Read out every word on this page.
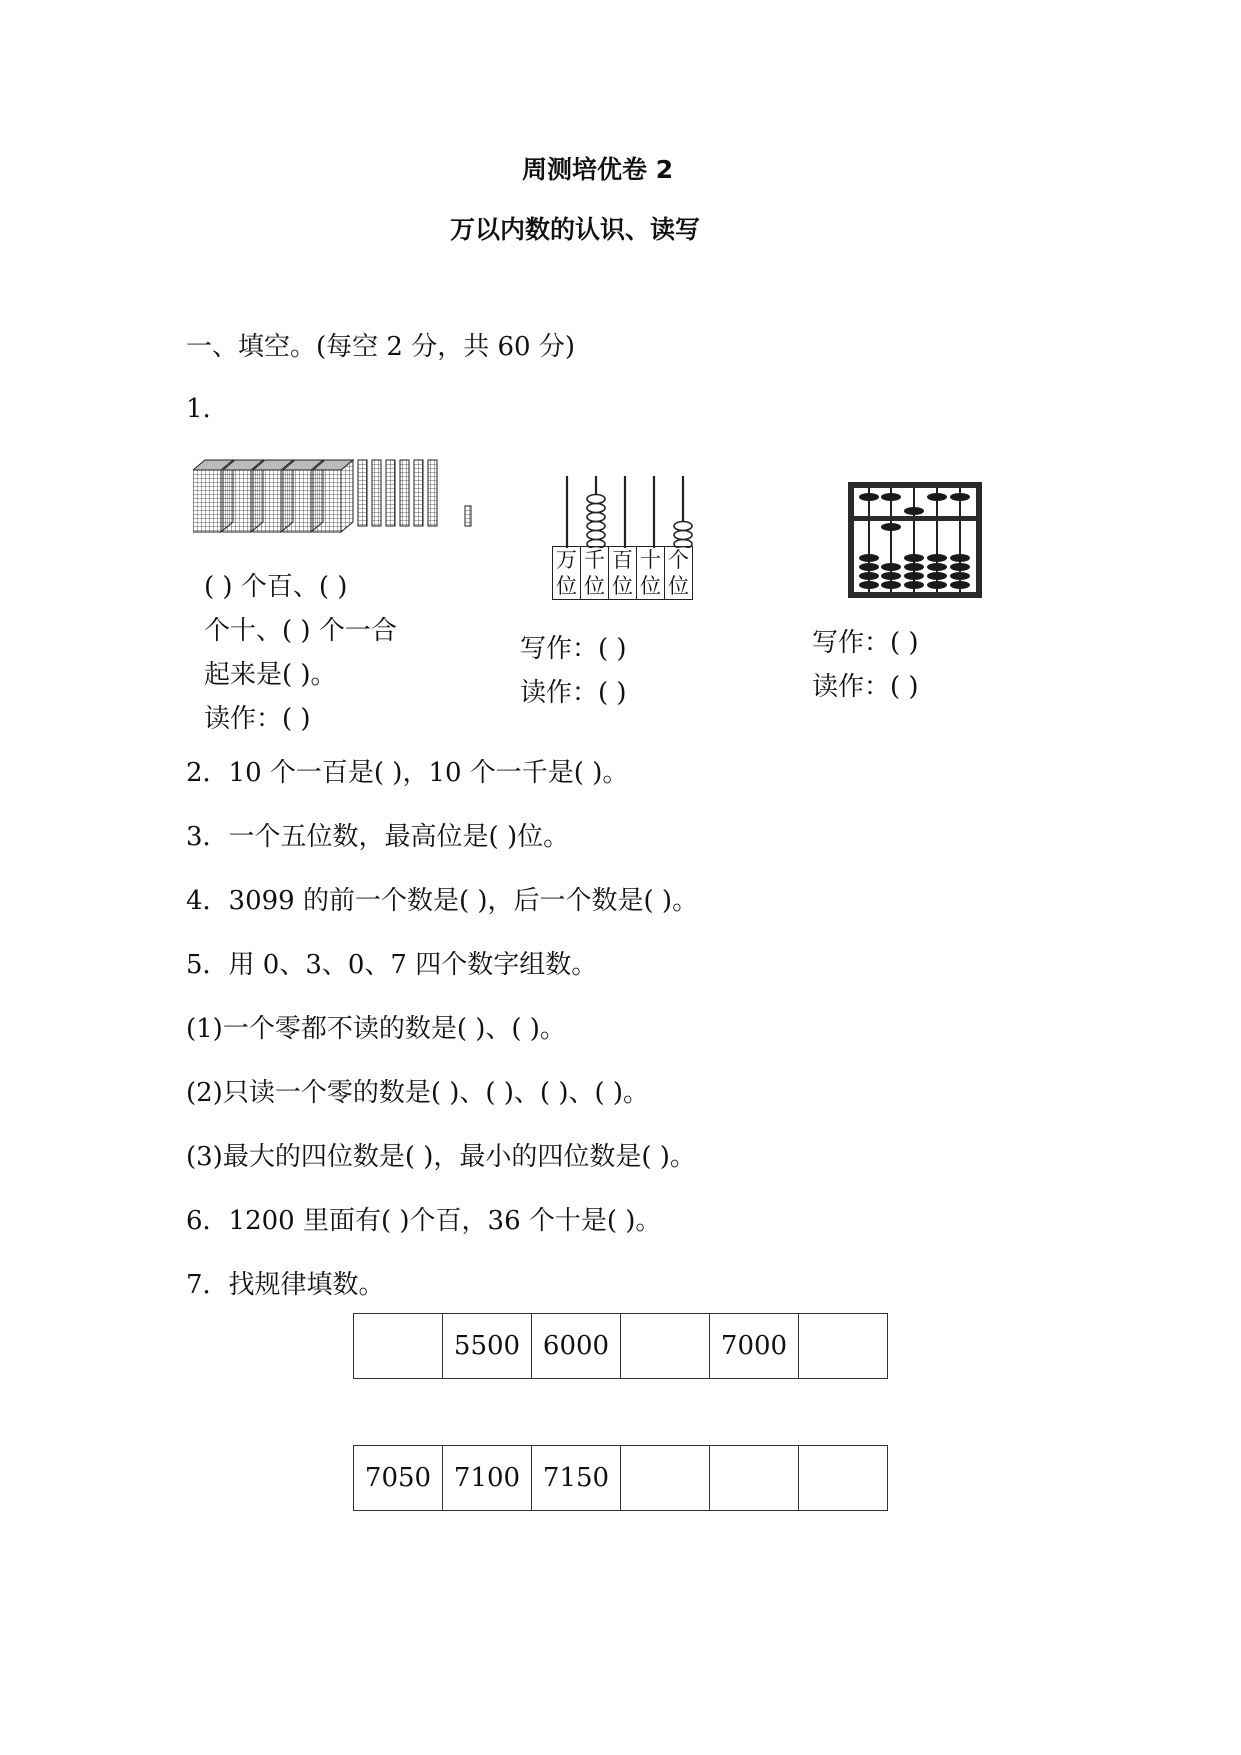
周测培优卷 2
万以内数的认识、读写
一、填空。(每空 2 分，共 60 分)
1.
( ) 个百、( )
个十、( ) 个一合
起来是( )。
读作：( )
万
位

千
位

百
位

十
位

个
位
写作：( )
读作：( )
写作：( )
读作：( )
2．10 个一百是( )，10 个一千是( )。
3．一个五位数，最高位是( )位。
4．3099 的前一个数是( )，后一个数是( )。
5．用 0、3、0、7 四个数字组数。
(1)一个零都不读的数是( )、( )。
(2)只读一个零的数是( )、( )、( )、( )。
(3)最大的四位数是( )，最小的四位数是( )。
6．1200 里面有( )个百，36 个十是( )。
7．找规律填数。
	5500	6000		7000	
7050	7100	7150			
